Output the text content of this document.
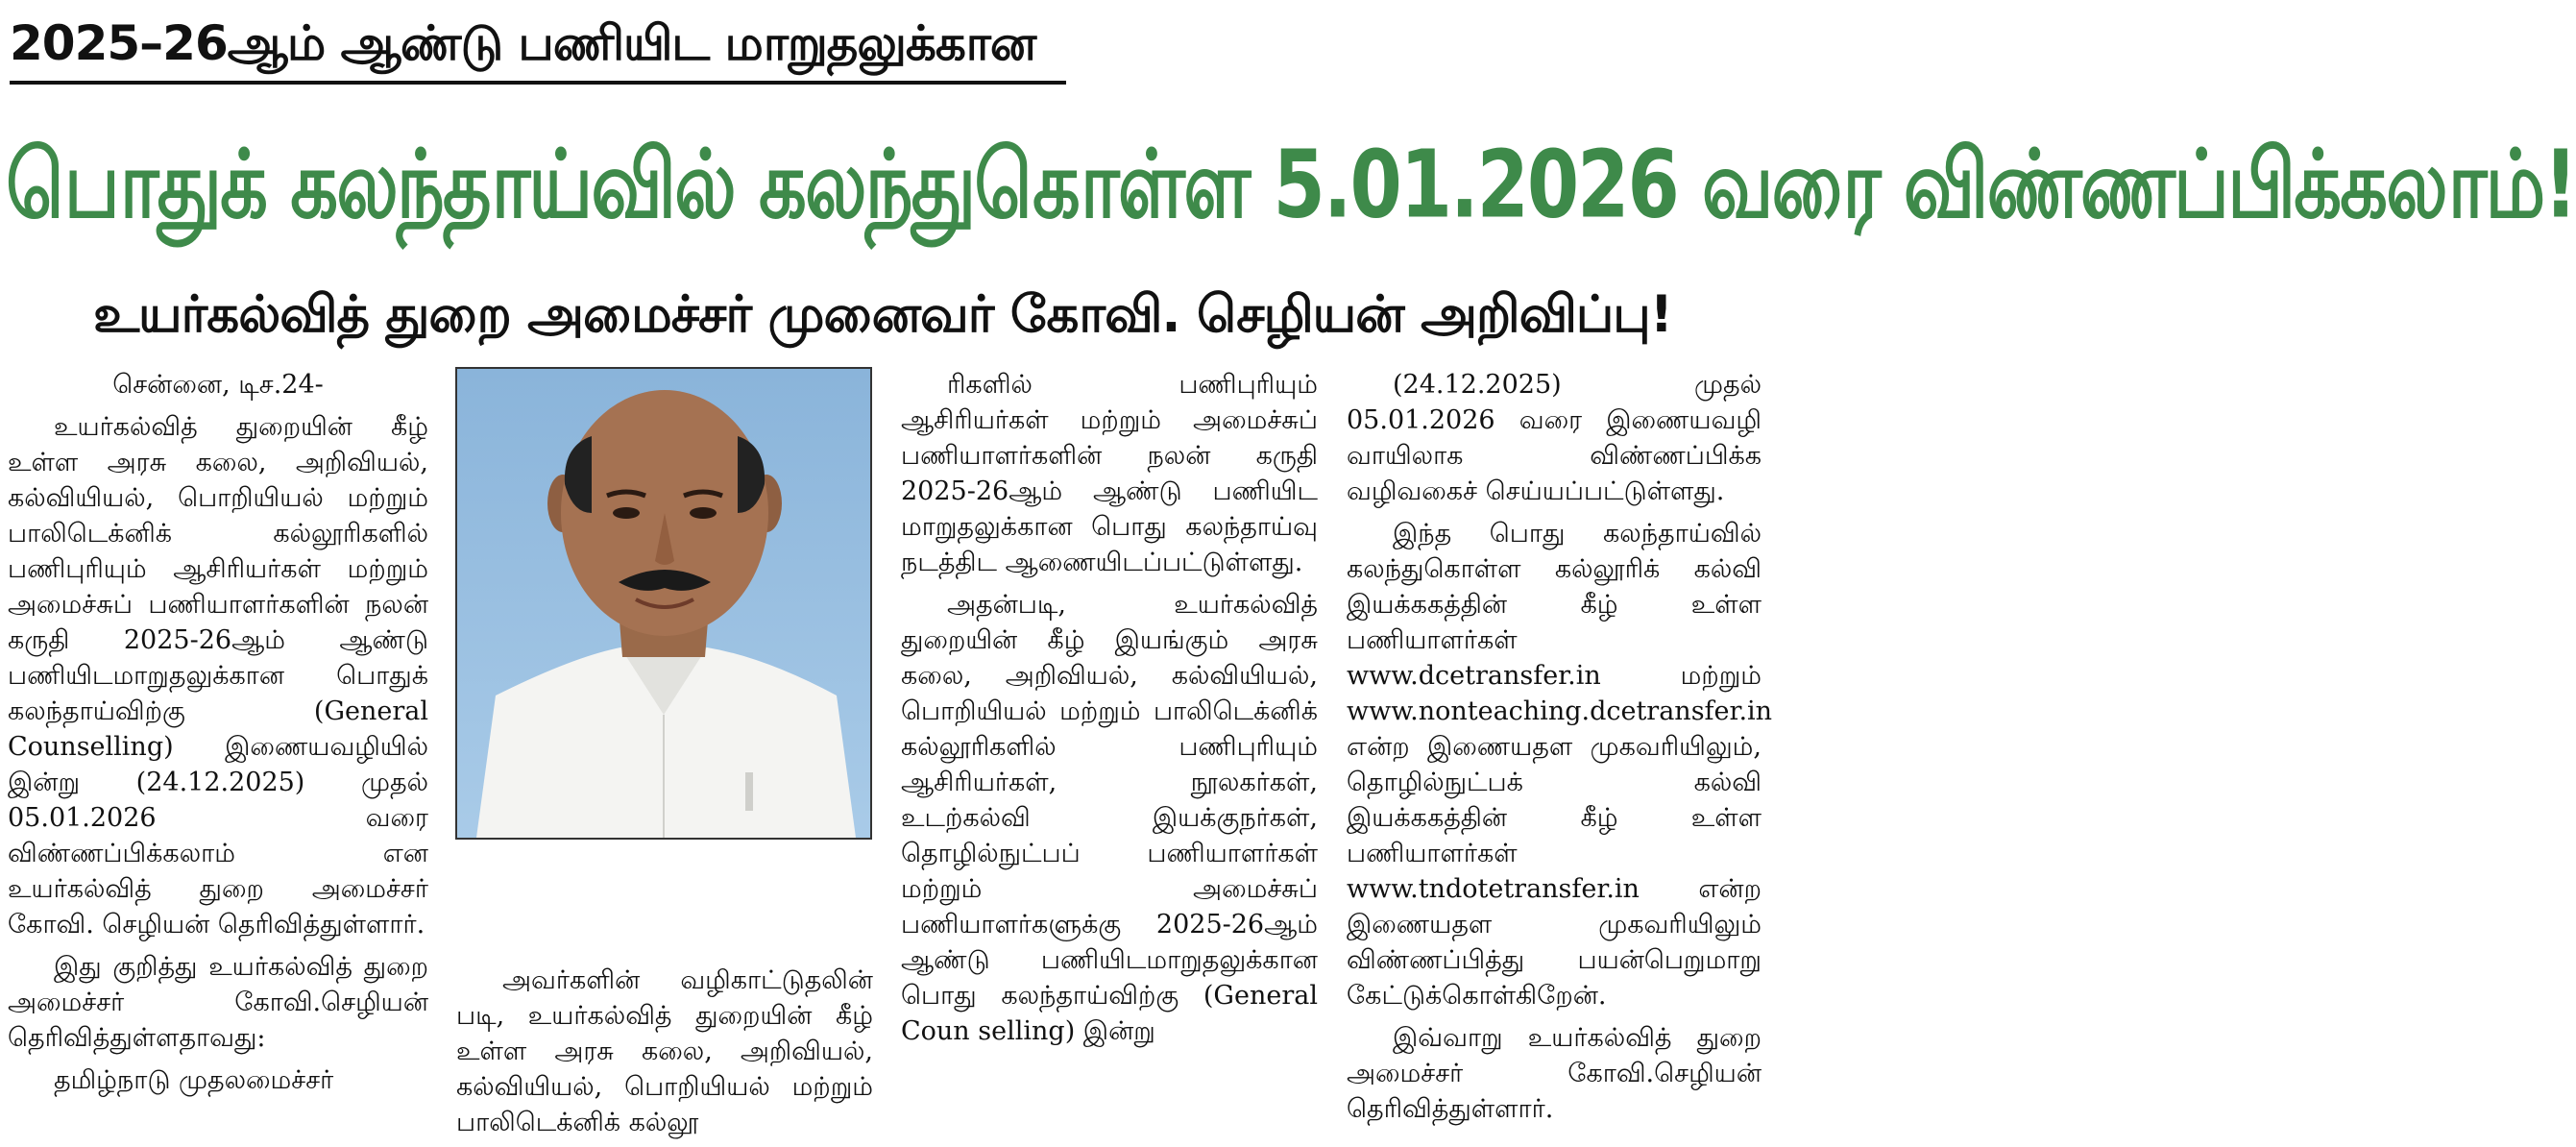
2025–26ஆம் ஆண்டு பணியிட மாறுதலுக்கான
பொதுக் கலந்தாய்வில் கலந்துகொள்ள 5.01.2026 வரை விண்ணப்பிக்கலாம்!
உயர்கல்வித் துறை அமைச்சர் முனைவர் கோவி. செழியன் அறிவிப்பு!

சென்னை, டிச.24-

உயர்கல்வித் துறையின் கீழ் உள்ள அரசு கலை, அறிவியல், கல்வியியல், பொறியியல் மற்றும் பாலிடெக்னிக் கல்லூரிகளில் பணிபுரியும் ஆசிரியர்கள் மற்றும் அமைச்சுப் பணியாளர்களின் நலன் கருதி 2025-26ஆம் ஆண்டு பணியிடமாறுதலுக்கான பொதுக் கலந்தாய்விற்கு (General Counselling) இணையவழியில் இன்று (24.12.2025) முதல் 05.01.2026 வரை விண்ணப்பிக்கலாம் என உயர்கல்வித் துறை அமைச்சர் கோவி. செழியன் தெரிவித்துள்ளார்.

இது குறித்து உயர்கல்வித் துறை அமைச்சர் கோவி.செழியன் தெரிவித்துள்ளதாவது:

தமிழ்நாடு முதலமைச்சர்

அவர்களின் வழிகாட்டுதலின் படி, உயர்கல்வித் துறையின் கீழ் உள்ள அரசு கலை, அறிவியல், கல்வியியல், பொறியியல் மற்றும் பாலிடெக்னிக் கல்லூ

ரிகளில் பணிபுரியும் ஆசிரியர்கள் மற்றும் அமைச்சுப் பணியாளர்களின் நலன் கருதி 2025-26ஆம் ஆண்டு பணியிட மாறுதலுக்கான பொது கலந்தாய்வு நடத்திட ஆணையிடப்பட்டுள்ளது.

அதன்படி, உயர்கல்வித் துறையின் கீழ் இயங்கும் அரசு கலை, அறிவியல், கல்வியியல், பொறியியல் மற்றும் பாலிடெக்னிக் கல்லூரிகளில் பணிபுரியும் ஆசிரியர்கள், நூலகர்கள், உடற்கல்வி இயக்குநர்கள், தொழில்நுட்பப் பணியாளர்கள் மற்றும் அமைச்சுப் பணியாளர்களுக்கு 2025-26ஆம் ஆண்டு பணியிடமாறுதலுக்கான பொது கலந்தாய்விற்கு (General Coun selling) இன்று

(24.12.2025) முதல் 05.01.2026 வரை இணையவழி வாயிலாக விண்ணப்பிக்க வழிவகைச் செய்யப்பட்டுள்ளது.

இந்த பொது கலந்தாய்வில் கலந்துகொள்ள கல்லூரிக் கல்வி இயக்ககத்தின் கீழ் உள்ள பணியாளர்கள் www.dcetransfer.in மற்றும் www.nonteaching.dcetransfer.in என்ற இணையதள முகவரியிலும், தொழில்நுட்பக் கல்வி இயக்ககத்தின் கீழ் உள்ள பணியாளர்கள் www.tndotetransfer.in என்ற இணையதள முகவரியிலும் விண்ணப்பித்து பயன்பெறுமாறு கேட்டுக்கொள்கிறேன்.

இவ்வாறு உயர்கல்வித் துறை அமைச்சர் கோவி.செழியன் தெரிவித்துள்ளார்.
